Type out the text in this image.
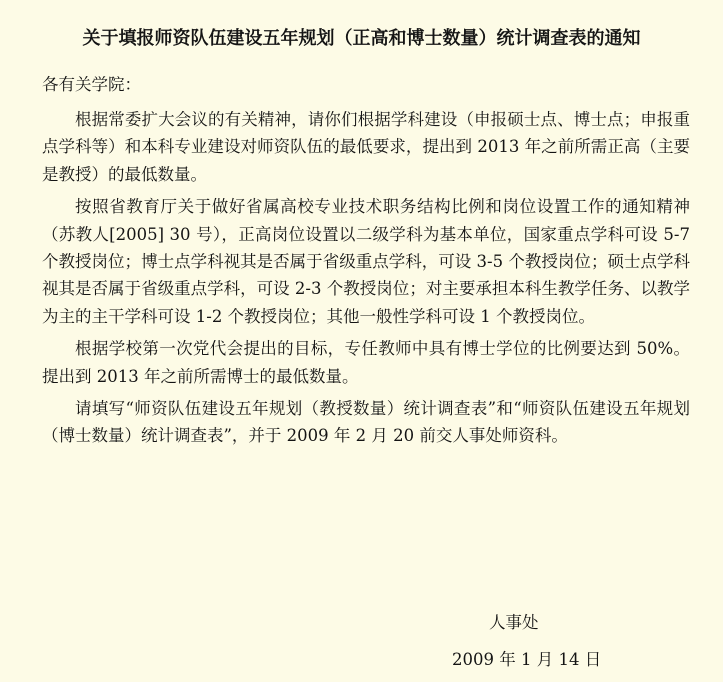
关于填报师资队伍建设五年规划（正高和博士数量）统计调查表的通知
各有关学院：

根据常委扩大会议的有关精神，请你们根据学科建设（申报硕士点、博士点；申报重点学科等）和本科专业建设对师资队伍的最低要求，提出到 2013 年之前所需正高（主要是教授）的最低数量。

按照省教育厅关于做好省属高校专业技术职务结构比例和岗位设置工作的通知精神（苏教人[2005] 30 号），正高岗位设置以二级学科为基本单位，国家重点学科可设 5-7 个教授岗位；博士点学科视其是否属于省级重点学科，可设 3-5 个教授岗位；硕士点学科视其是否属于省级重点学科，可设 2-3 个教授岗位；对主要承担本科生教学任务、以教学为主的主干学科可设 1-2 个教授岗位；其他一般性学科可设 1 个教授岗位。

根据学校第一次党代会提出的目标，专任教师中具有博士学位的比例要达到 50%。提出到 2013 年之前所需博士的最低数量。

请填写“师资队伍建设五年规划（教授数量）统计调查表”和“师资队伍建设五年规划（博士数量）统计调查表”，并于 2009 年 2 月 20 前交人事处师资科。

人事处
2009 年 1 月 14 日
